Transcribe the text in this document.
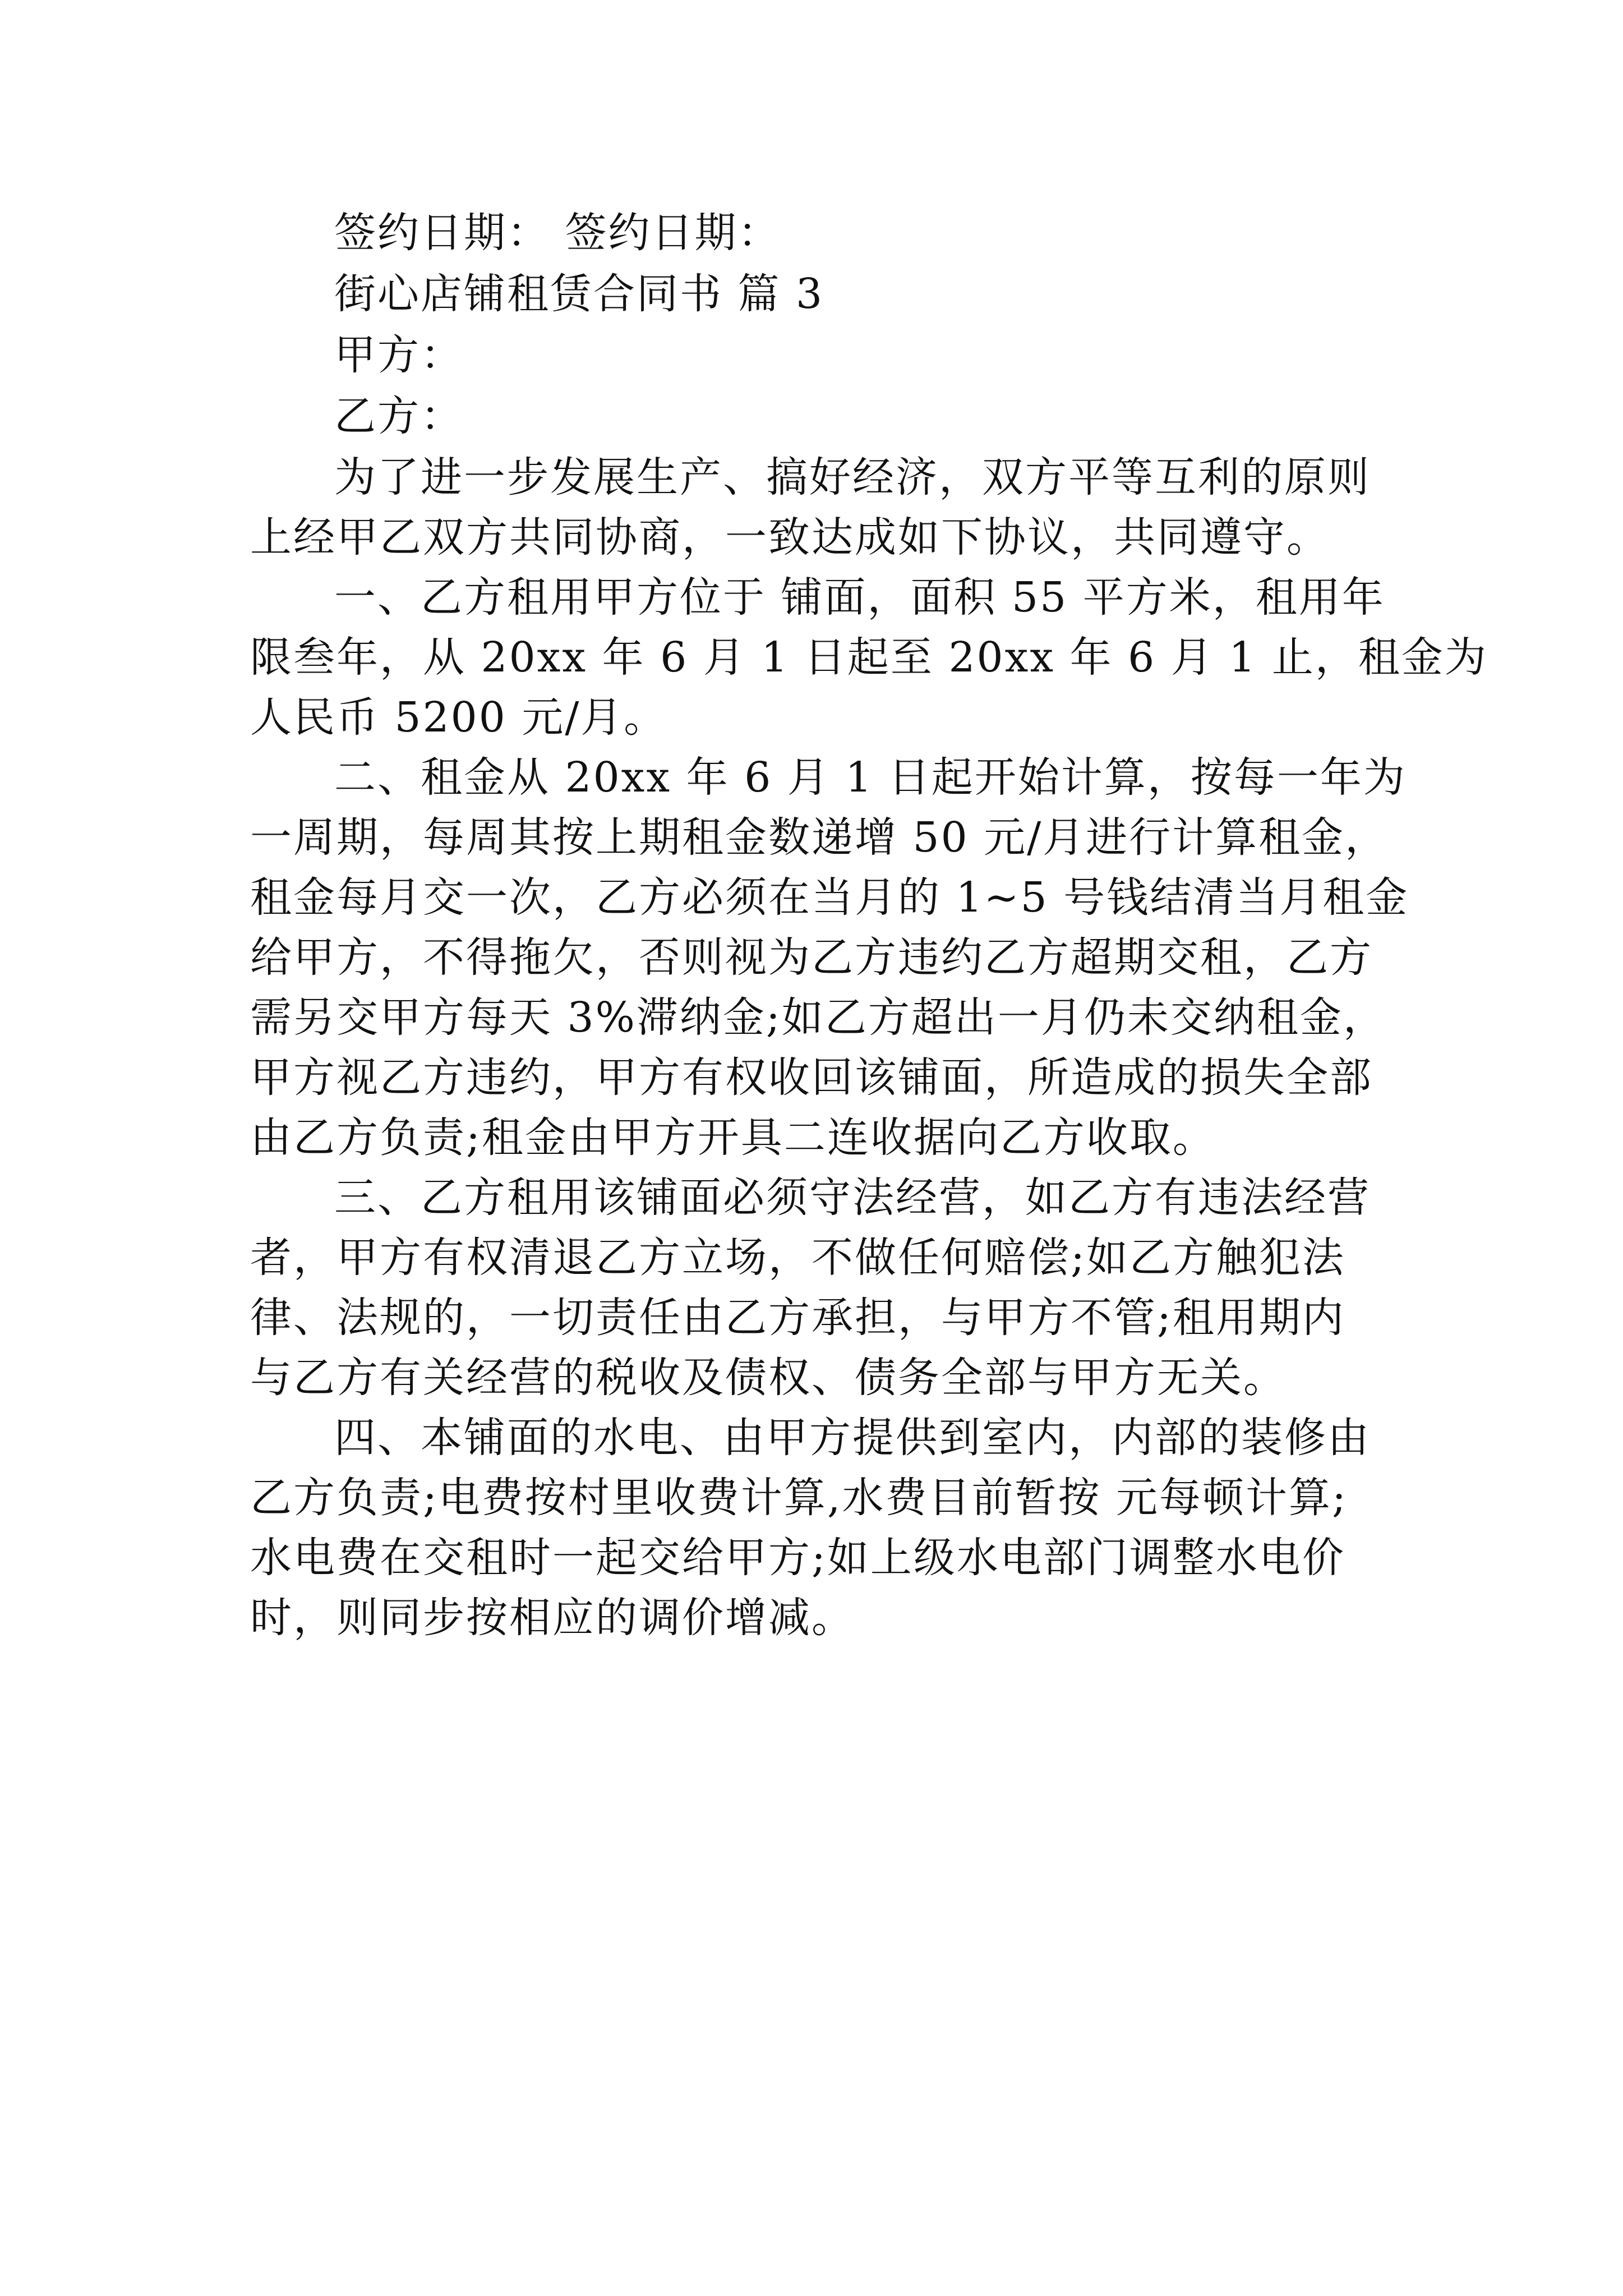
签约日期： 签约日期：
街心店铺租赁合同书 篇 3
甲方：
乙方：
为了进一步发展生产、搞好经济，双方平等互利的原则
上经甲乙双方共同协商，一致达成如下协议，共同遵守。
一、乙方租用甲方位于 铺面，面积 55 平方米，租用年
限叁年，从 20xx 年 6 月 1 日起至 20xx 年 6 月 1 止，租金为
人民币 5200 元/月。
二、租金从 20xx 年 6 月 1 日起开始计算，按每一年为
一周期，每周其按上期租金数递增 50 元/月进行计算租金，
租金每月交一次，乙方必须在当月的 1~5 号钱结清当月租金
给甲方，不得拖欠，否则视为乙方违约乙方超期交租，乙方
需另交甲方每天 3%滞纳金;如乙方超出一月仍未交纳租金，
甲方视乙方违约，甲方有权收回该铺面，所造成的损失全部
由乙方负责;租金由甲方开具二连收据向乙方收取。
三、乙方租用该铺面必须守法经营，如乙方有违法经营
者，甲方有权清退乙方立场，不做任何赔偿;如乙方触犯法
律、法规的，一切责任由乙方承担，与甲方不管;租用期内
与乙方有关经营的税收及债权、债务全部与甲方无关。
四、本铺面的水电、由甲方提供到室内，内部的装修由
乙方负责;电费按村里收费计算,水费目前暂按 元每顿计算;
水电费在交租时一起交给甲方;如上级水电部门调整水电价
时，则同步按相应的调价增减。
